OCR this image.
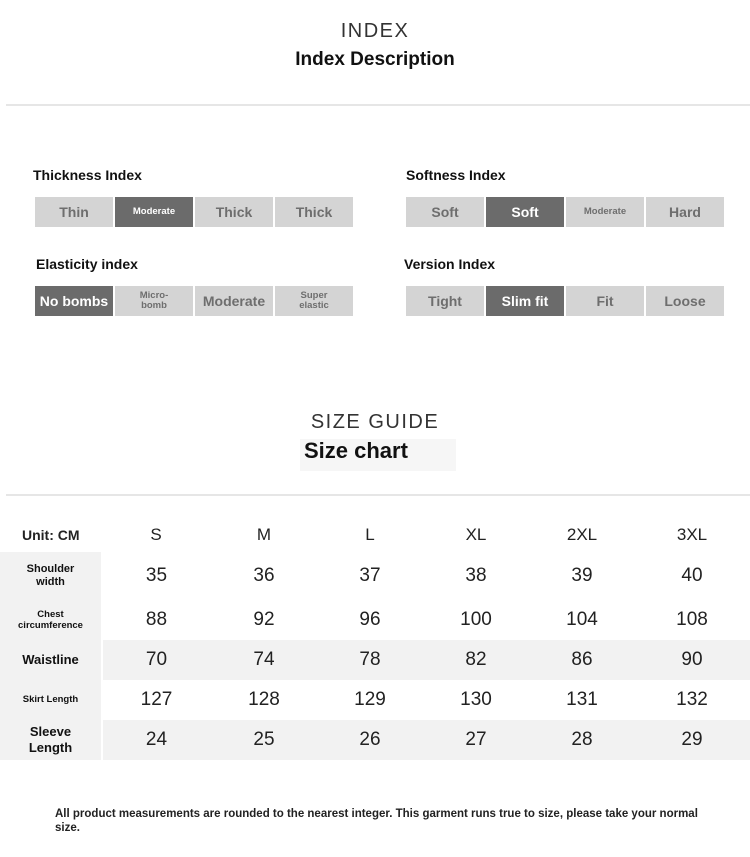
INDEX
Index Description
Thickness Index
Thin	Moderate	Thick	Thick
Softness Index
Soft	Soft	Moderate	Hard
Elasticity index
No bombs	Micro-
bomb	Moderate	Super
elastic
Version Index
Tight	Slim fit	Fit	Loose
SIZE GUIDE
Size chart
Unit: CM	S	M	L	XL	2XL	3XL
Shoulder
width	35	36	37	38	39	40
Chest
circumference	88	92	96	100	104	108
Waistline	70	74	78	82	86	90
Skirt Length	127	128	129	130	131	132
Sleeve
Length	24	25	26	27	28	29
All product measurements are rounded to the nearest integer. This garment runs true to size, please take your normal size.
